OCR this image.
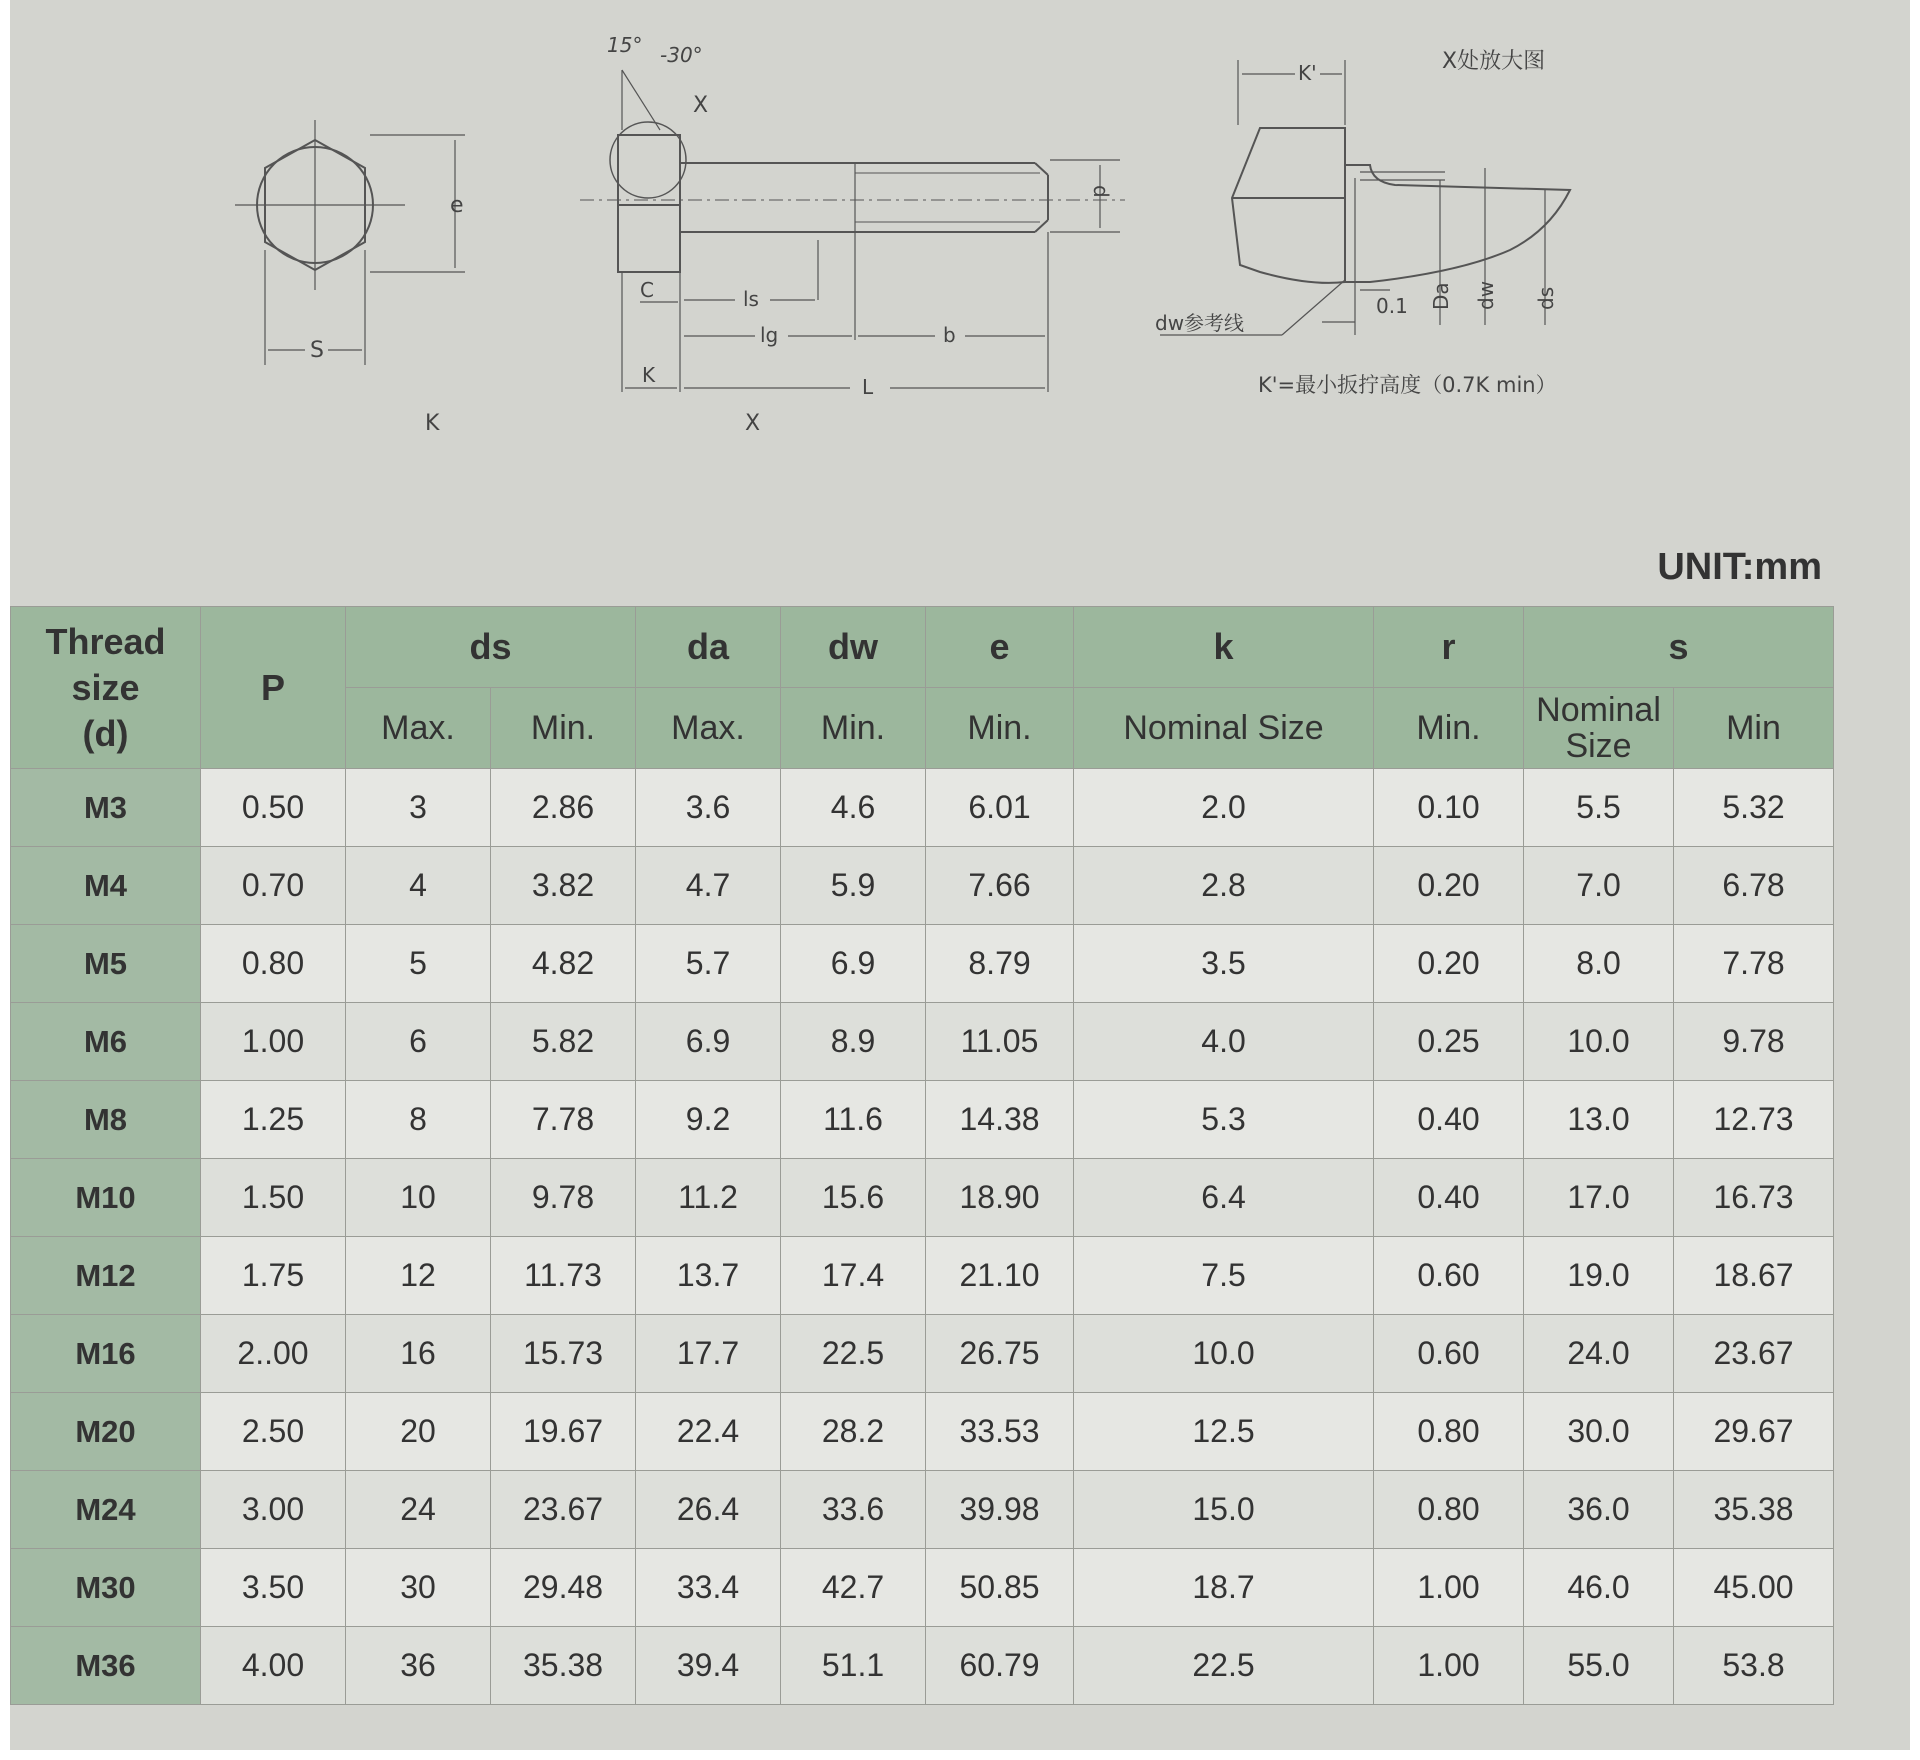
e
S
K
15° -30°
X
d
C	ls
lg	b
K	L
X
K'	X处放大图
0.1 Da dw ds
dw参考线
K'=最小扳拧高度（0.7K min）
UNIT:mm
Thread
size
(d)	P	ds		da	dw	e	k	r	s	
		Max.	Min.	Max.	Min.	Min.	Nominal Size	Min.	Nominal
Size	Min
M3	0.50	3	2.86	3.6	4.6	6.01	2.0	0.10	5.5	5.32
M4	0.70	4	3.82	4.7	5.9	7.66	2.8	0.20	7.0	6.78
M5	0.80	5	4.82	5.7	6.9	8.79	3.5	0.20	8.0	7.78
M6	1.00	6	5.82	6.9	8.9	11.05	4.0	0.25	10.0	9.78
M8	1.25	8	7.78	9.2	11.6	14.38	5.3	0.40	13.0	12.73
M10	1.50	10	9.78	11.2	15.6	18.90	6.4	0.40	17.0	16.73
M12	1.75	12	11.73	13.7	17.4	21.10	7.5	0.60	19.0	18.67
M16	2..00	16	15.73	17.7	22.5	26.75	10.0	0.60	24.0	23.67
M20	2.50	20	19.67	22.4	28.2	33.53	12.5	0.80	30.0	29.67
M24	3.00	24	23.67	26.4	33.6	39.98	15.0	0.80	36.0	35.38
M30	3.50	30	29.48	33.4	42.7	50.85	18.7	1.00	46.0	45.00
M36	4.00	36	35.38	39.4	51.1	60.79	22.5	1.00	55.0	53.8
